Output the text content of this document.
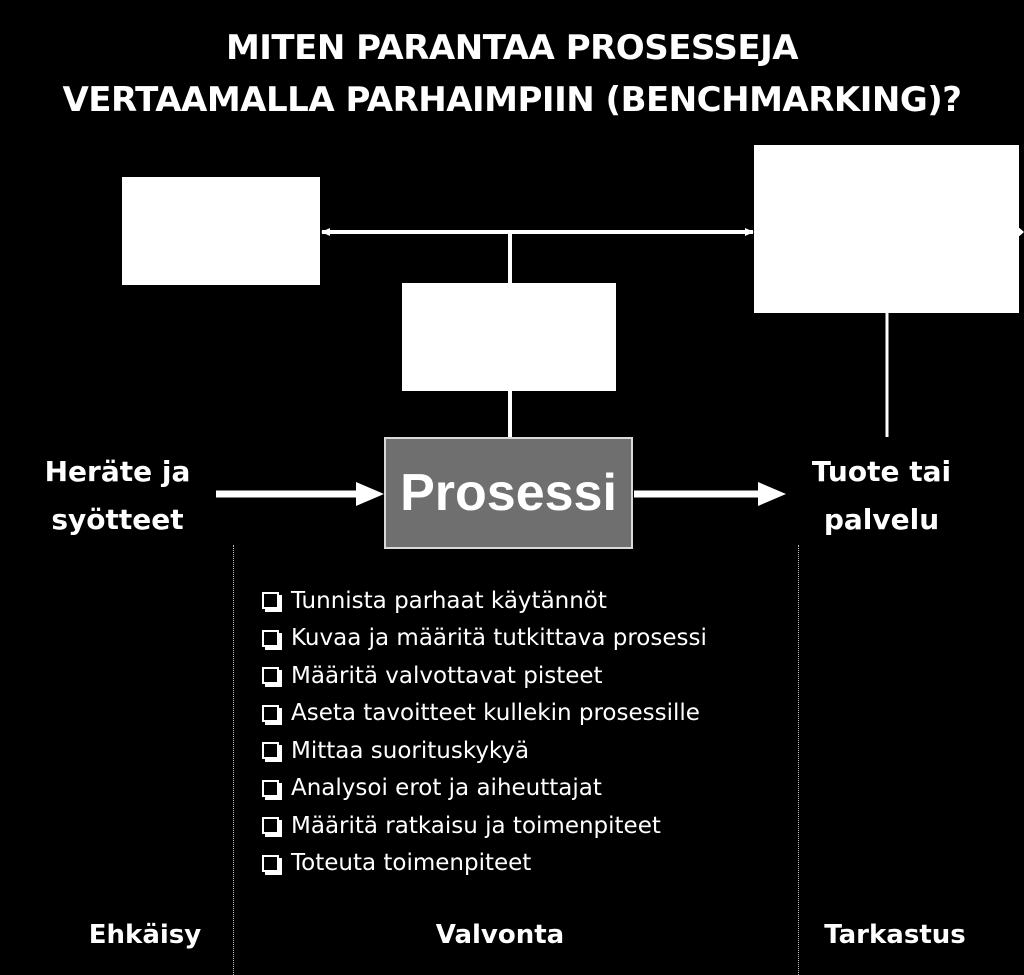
MITEN PARANTAA PROSESSEJA
VERTAAMALLA PARHAIMPIIN (BENCHMARKING)?
Prosessi
Heräte ja
syötteet
Tuote tai
palvelu
Tunnista parhaat käytännöt
Kuvaa ja määritä tutkittava prosessi
Määritä valvottavat pisteet
Aseta tavoitteet kullekin prosessille
Mittaa suorituskykyä
Analysoi erot ja aiheuttajat
Määritä ratkaisu ja toimenpiteet
Toteuta toimenpiteet
Ehkäisy	Valvonta	Tarkastus
